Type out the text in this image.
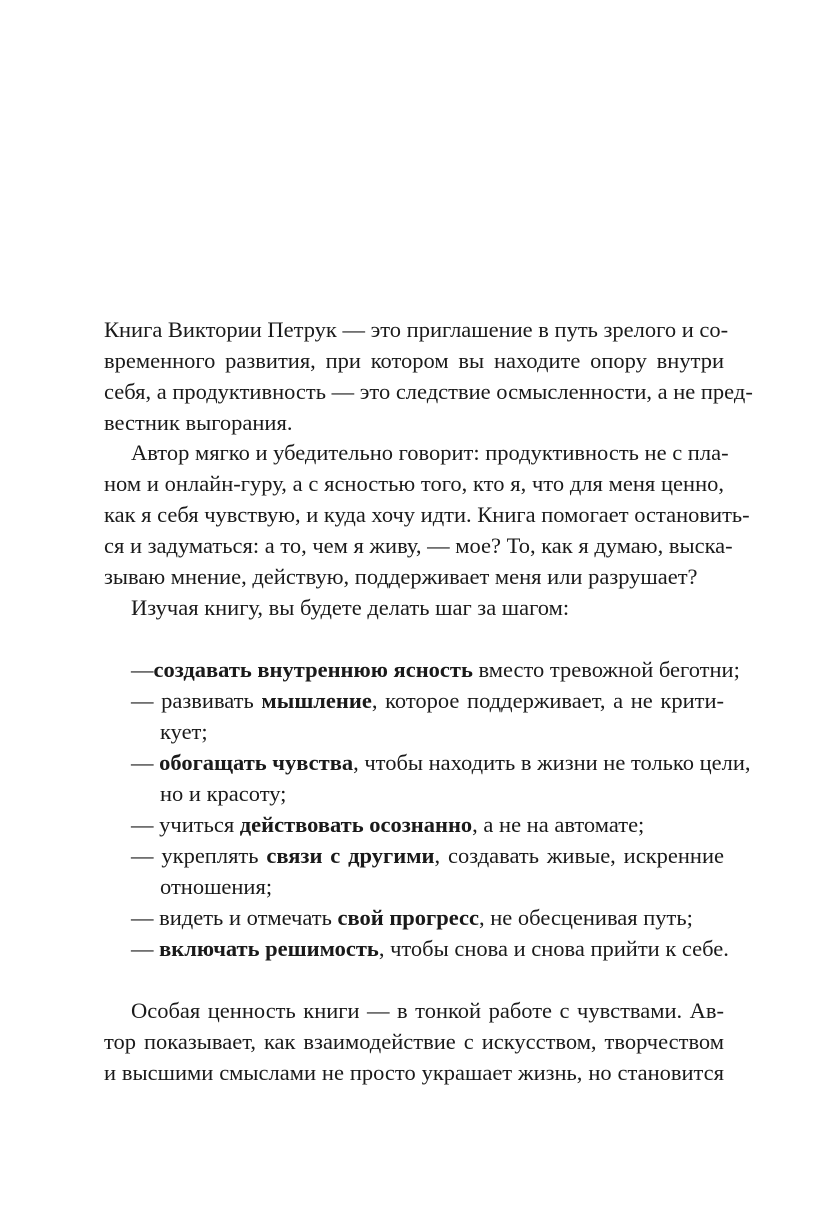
Книга Виктории Петрук — это приглашение в путь зрелого и со-
временного развития, при котором вы находите опору внутри
себя, а продуктивность — это следствие осмысленности, а не пред-
вестник выгорания.
Автор мягко и убедительно говорит: продуктивность не с пла-
ном и онлайн-гуру, а с ясностью того, кто я, что для меня ценно,
как я себя чувствую, и куда хочу идти. Книга помогает остановить-
ся и задуматься: а то, чем я живу, — мое? То, как я думаю, выска-
зываю мнение, действую, поддерживает меня или разрушает?
Изучая книгу, вы будете делать шаг за шагом:
—создавать внутреннюю ясность вместо тревожной беготни;
— развивать мышление, которое поддерживает, а не крити-
кует;
— обогащать чувства, чтобы находить в жизни не только цели,
но и красоту;
— учиться действовать осознанно, а не на автомате;
— укреплять связи с другими, создавать живые, искренние
отношения;
— видеть и отмечать свой прогресс, не обесценивая путь;
— включать решимость, чтобы снова и снова прийти к себе.
Особая ценность книги — в тонкой работе с чувствами. Ав-
тор показывает, как взаимодействие с искусством, творчеством
и высшими смыслами не просто украшает жизнь, но становится
